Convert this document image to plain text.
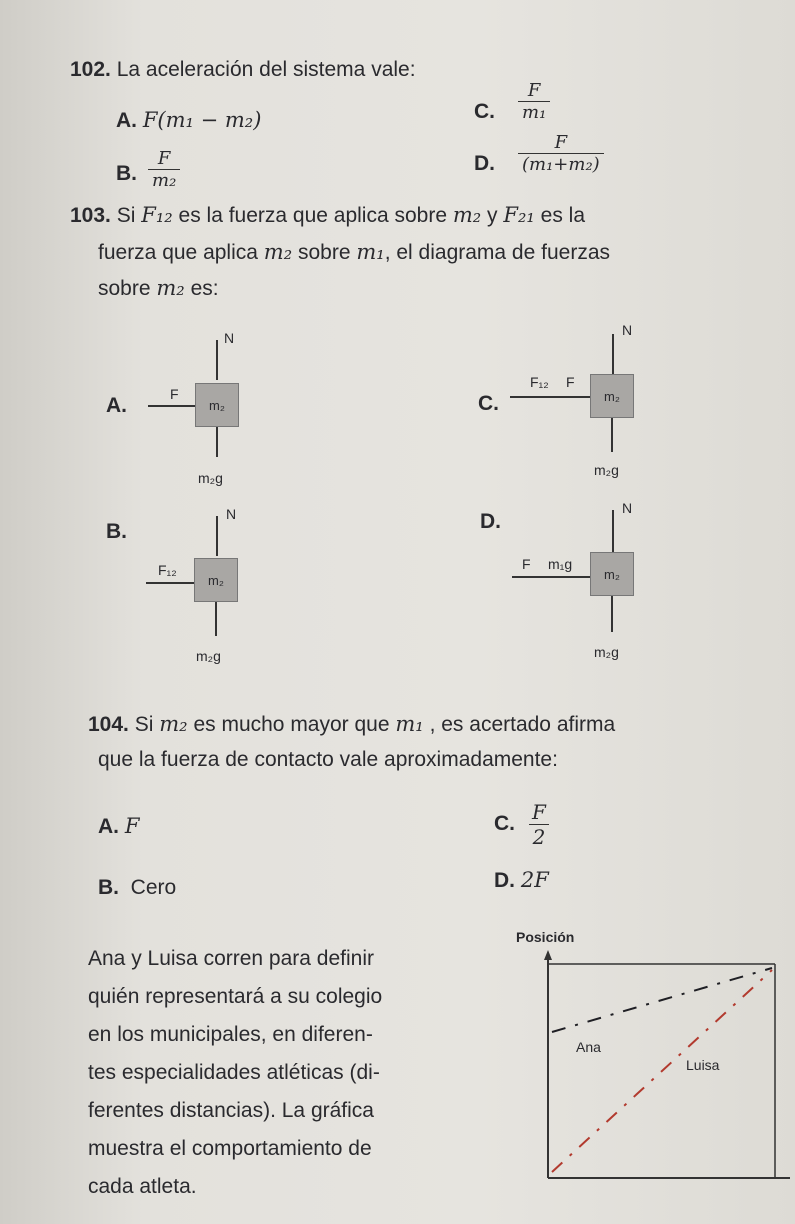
102. La aceleración del sistema vale:
A. F(m₁ − m₂)
B. $\frac{F}{\text{m₂}}$
C. $\frac{F}{\text{m₁}}$
D. $\frac{F}{\text{(m₁+m₂)}}$
103. Si F₁₂ es la fuerza que aplica sobre m₂ y F₂₁ es la
fuerza que aplica m₂ sobre m₁, el diagrama de fuerzas
sobre m₂ es:
A.
N
F
m₂
m₂g
B.
N
F₁₂
m₂
m₂g
C.
N
F₁₂ F
m₂
m₂g
D.
N
F m₁g
m₂
m₂g
104. Si m₂ es mucho mayor que m₁ , es acertado afirma
que la fuerza de contacto vale aproximadamente:
A. F
B. Cero
C. $\frac{F}{2}$
D. 2F
Ana y Luisa corren para definir
quién representará a su colegio
en los municipales, en diferen-
tes especialidades atléticas (di-
ferentes distancias). La gráfica
muestra el comportamiento de
cada atleta.
Posición
Ana
Luisa
